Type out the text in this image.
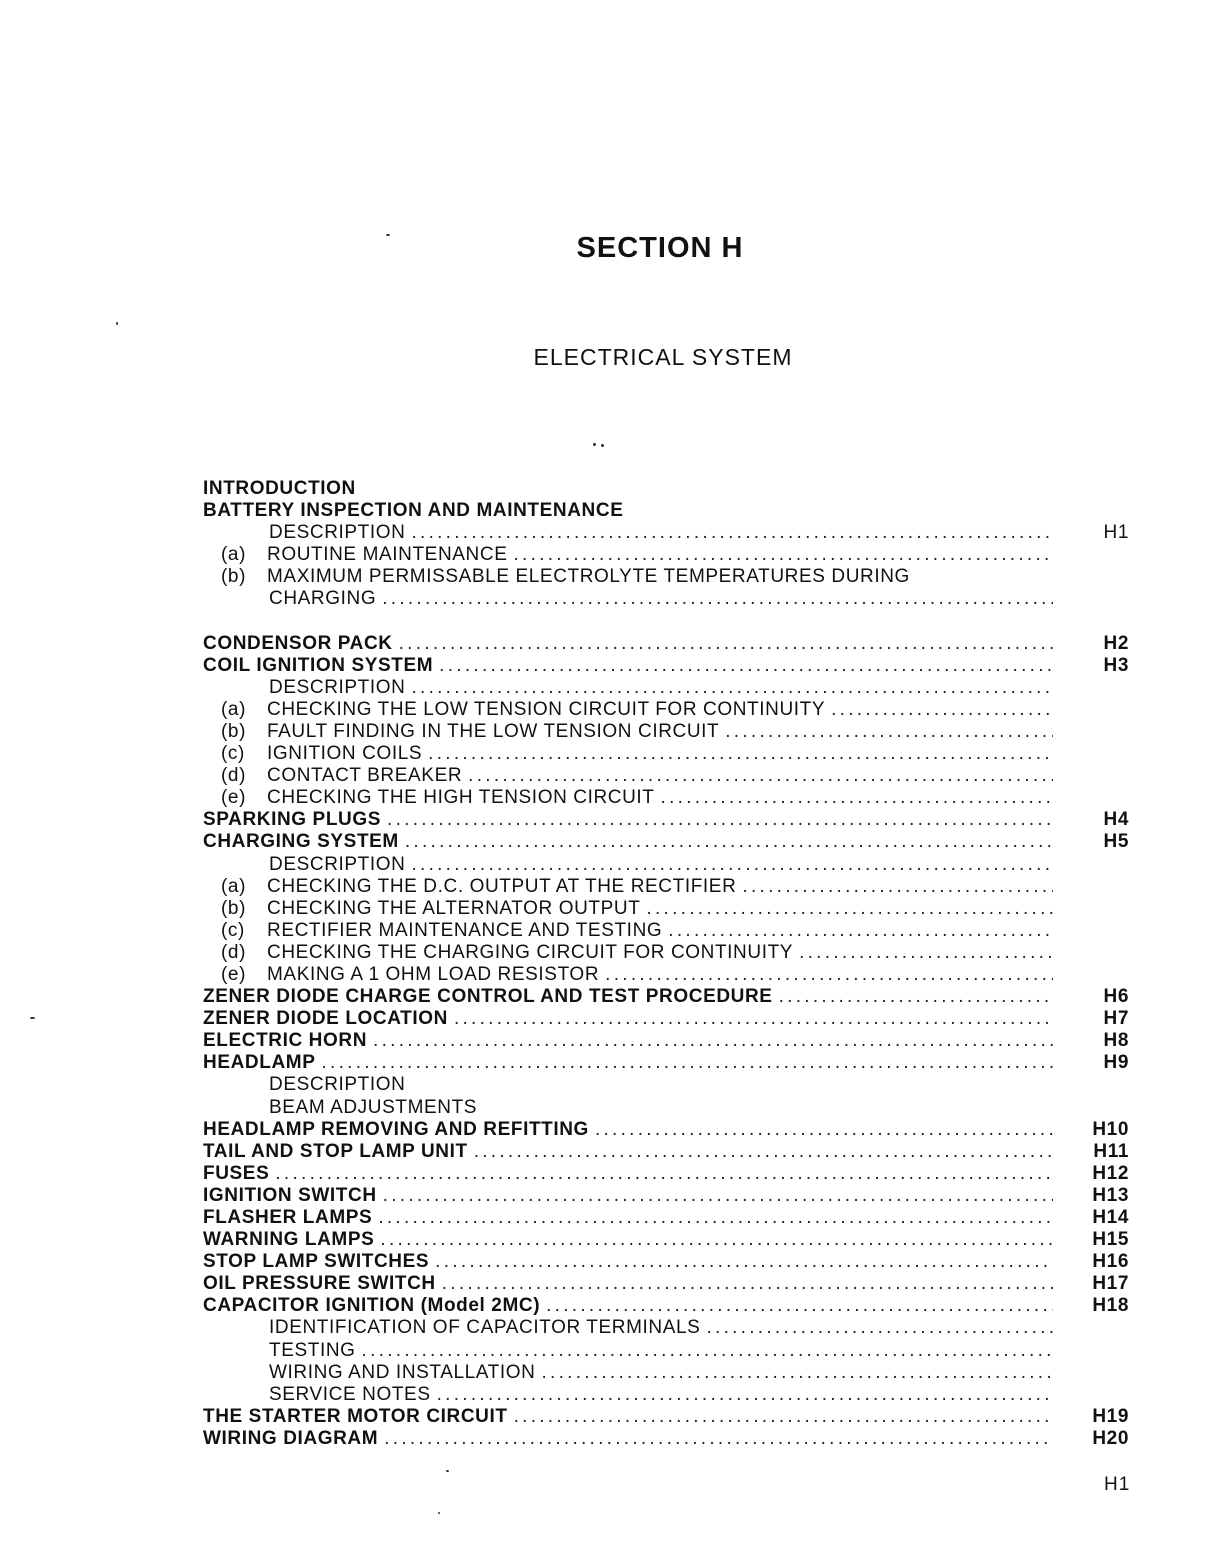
SECTION H
ELECTRICAL SYSTEM
INTRODUCTION
BATTERY INSPECTION AND MAINTENANCE
DESCRIPTION . . .	H1
(a)	ROUTINE MAINTENANCE
. . .
(b)	MAXIMUM PERMISSABLE ELECTROLYTE TEMPERATURES DURING
CHARGING
. . .
CONDENSOR PACK . . .	H2
COIL IGNITION SYSTEM . . .	H3
DESCRIPTION
. . .
(a)	CHECKING THE LOW TENSION CIRCUIT FOR CONTINUITY
. . .
(b)	FAULT FINDING IN THE LOW TENSION CIRCUIT
. . .
(c)	IGNITION COILS
. . .
(d)	CONTACT BREAKER
. . .
(e)	CHECKING THE HIGH TENSION CIRCUIT
. . .
SPARKING PLUGS . . .	H4
CHARGING SYSTEM . . .	H5
DESCRIPTION
. . .
(a)	CHECKING THE D.C. OUTPUT AT THE RECTIFIER
. . .
(b)	CHECKING THE ALTERNATOR OUTPUT
. . .
(c)	RECTIFIER MAINTENANCE AND TESTING
. . .
(d)	CHECKING THE CHARGING CIRCUIT FOR CONTINUITY
. . .
(e)	MAKING A 1 OHM LOAD RESISTOR
. . .
ZENER DIODE CHARGE CONTROL AND TEST PROCEDURE . . .	H6
ZENER DIODE LOCATION . . .	H7
ELECTRIC HORN . . .	H8
HEADLAMP . . .	H9
DESCRIPTION
BEAM ADJUSTMENTS
HEADLAMP REMOVING AND REFITTING . . .	H10
TAIL AND STOP LAMP UNIT . . .	H11
FUSES . . .	H12
IGNITION SWITCH . . .	H13
FLASHER LAMPS . . .	H14
WARNING LAMPS . . .	H15
STOP LAMP SWITCHES . . .	H16
OIL PRESSURE SWITCH . . .	H17
CAPACITOR IGNITION (Model 2MC) . . .	H18
IDENTIFICATION OF CAPACITOR TERMINALS
. . .
TESTING
. . .
WIRING AND INSTALLATION
. . .
SERVICE NOTES
. . .
THE STARTER MOTOR CIRCUIT . . .	H19
WIRING DIAGRAM . . .	H20
H1
